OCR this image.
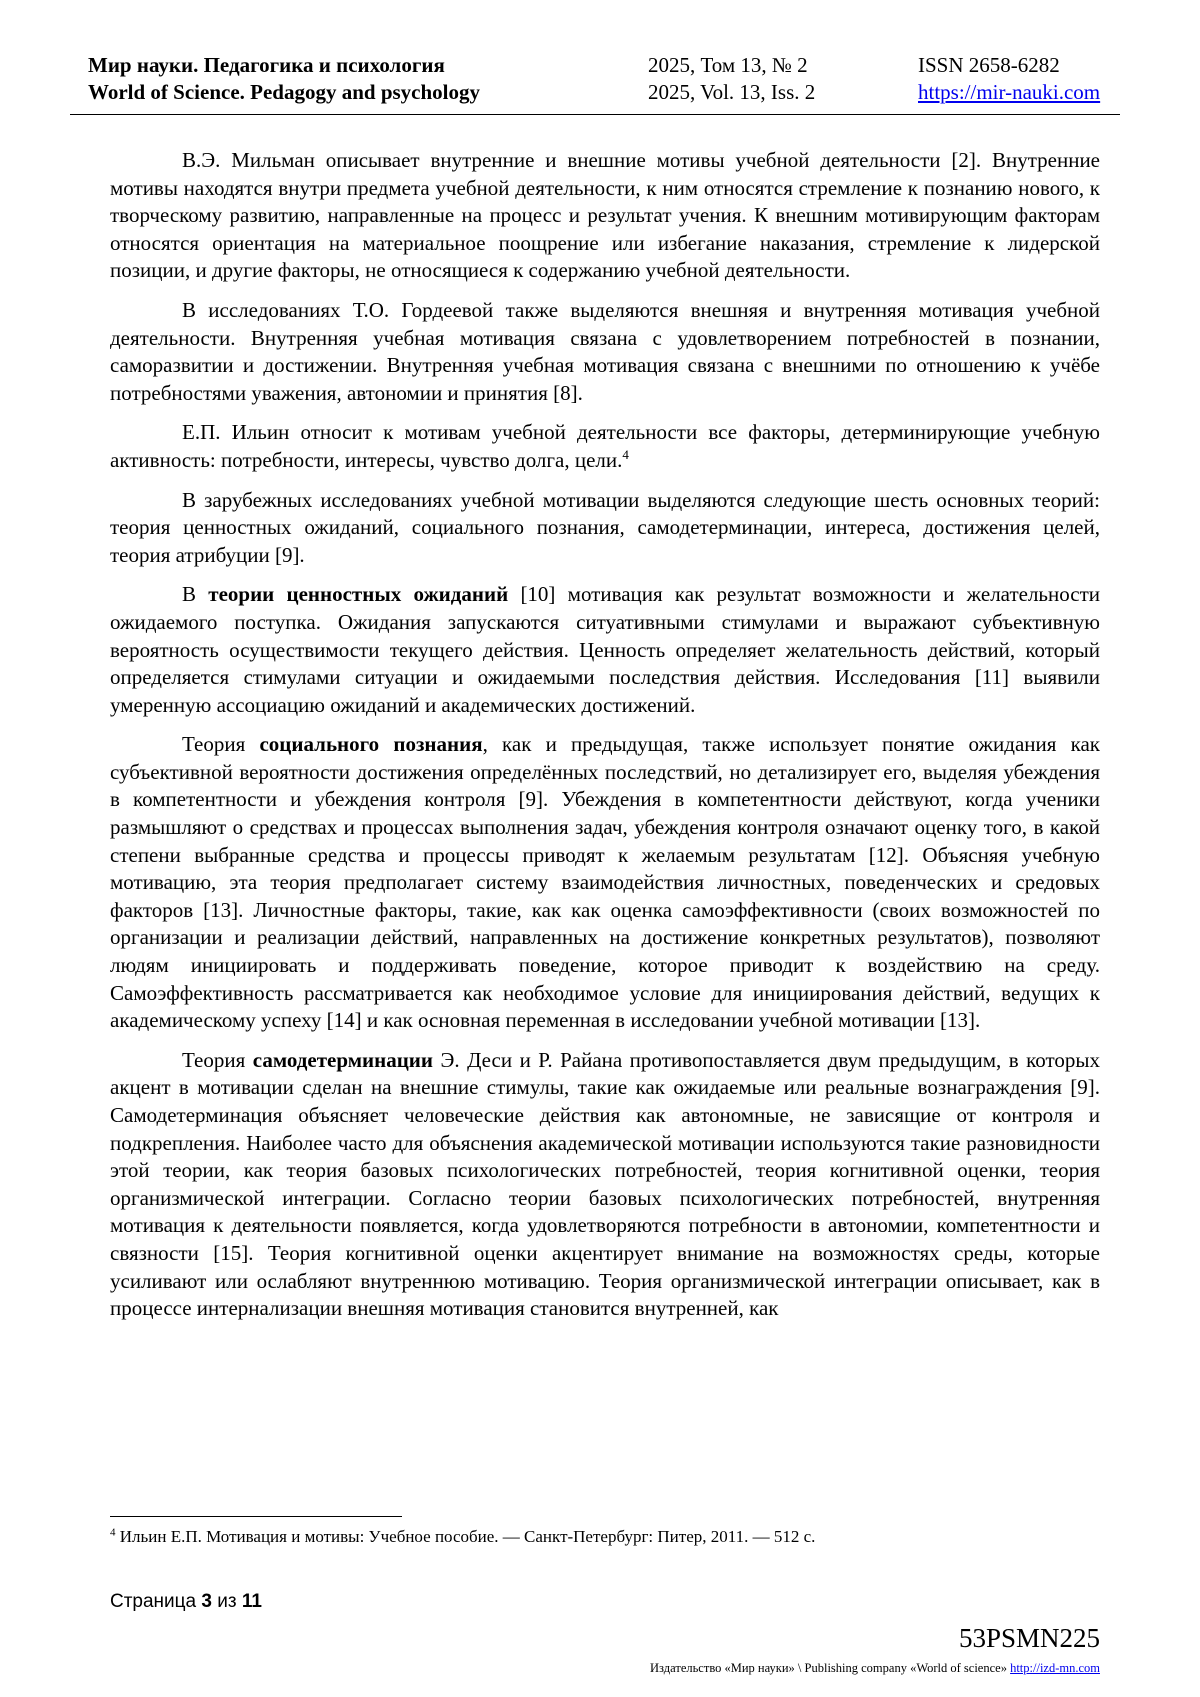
Мир науки. Педагогика и психология	2025, Том 13, № 2	ISSN 2658-6282
World of Science. Pedagogy and psychology	2025, Vol. 13, Iss. 2	https://mir-nauki.com

В.Э. Мильман описывает внутренние и внешние мотивы учебной деятельности [2]. Внутренние мотивы находятся внутри предмета учебной деятельности, к ним относятся стремление к познанию нового, к творческому развитию, направленные на процесс и результат учения. К внешним мотивирующим факторам относятся ориентация на материальное поощрение или избегание наказания, стремление к лидерской позиции, и другие факторы, не относящиеся к содержанию учебной деятельности.

В исследованиях Т.О. Гордеевой также выделяются внешняя и внутренняя мотивация учебной деятельности. Внутренняя учебная мотивация связана с удовлетворением потребностей в познании, саморазвитии и достижении. Внутренняя учебная мотивация связана с внешними по отношению к учёбе потребностями уважения, автономии и принятия [8].

Е.П. Ильин относит к мотивам учебной деятельности все факторы, детерминирующие учебную активность: потребности, интересы, чувство долга, цели.$^4$

В зарубежных исследованиях учебной мотивации выделяются следующие шесть основных теорий: теория ценностных ожиданий, социального познания, самодетерминации, интереса, достижения целей, теория атрибуции [9].

В теории ценностных ожиданий [10] мотивация как результат возможности и желательности ожидаемого поступка. Ожидания запускаются ситуативными стимулами и выражают субъективную вероятность осуществимости текущего действия. Ценность определяет желательность действий, который определяется стимулами ситуации и ожидаемыми последствия действия. Исследования [11] выявили умеренную ассоциацию ожиданий и академических достижений.

Теория социального познания, как и предыдущая, также использует понятие ожидания как субъективной вероятности достижения определённых последствий, но детализирует его, выделяя убеждения в компетентности и убеждения контроля [9]. Убеждения в компетентности действуют, когда ученики размышляют о средствах и процессах выполнения задач, убеждения контроля означают оценку того, в какой степени выбранные средства и процессы приводят к желаемым результатам [12]. Объясняя учебную мотивацию, эта теория предполагает систему взаимодействия личностных, поведенческих и средовых факторов [13]. Личностные факторы, такие, как как оценка самоэффективности (своих возможностей по организации и реализации действий, направленных на достижение конкретных результатов), позволяют людям инициировать и поддерживать поведение, которое приводит к воздействию на среду. Самоэффективность рассматривается как необходимое условие для инициирования действий, ведущих к академическому успеху [14] и как основная переменная в исследовании учебной мотивации [13].

Теория самодетерминации Э. Деси и Р. Райана противопоставляется двум предыдущим, в которых акцент в мотивации сделан на внешние стимулы, такие как ожидаемые или реальные вознаграждения [9]. Самодетерминация объясняет человеческие действия как автономные, не зависящие от контроля и подкрепления. Наиболее часто для объяснения академической мотивации используются такие разновидности этой теории, как теория базовых психологических потребностей, теория когнитивной оценки, теория организмической интеграции. Согласно теории базовых психологических потребностей, внутренняя мотивация к деятельности появляется, когда удовлетворяются потребности в автономии, компетентности и связности [15]. Теория когнитивной оценки акцентирует внимание на возможностях среды, которые усиливают или ослабляют внутреннюю мотивацию. Теория организмической интеграции описывает, как в процессе интернализации внешняя мотивация становится внутренней, как

$^4$ Ильин Е.П. Мотивация и мотивы: Учебное пособие. — Санкт-Петербург: Питер, 2011. — 512 с.
Страница 3 из 11
53PSMN225
Издательство «Мир науки» \ Publishing company «World of science» http://izd-mn.com
